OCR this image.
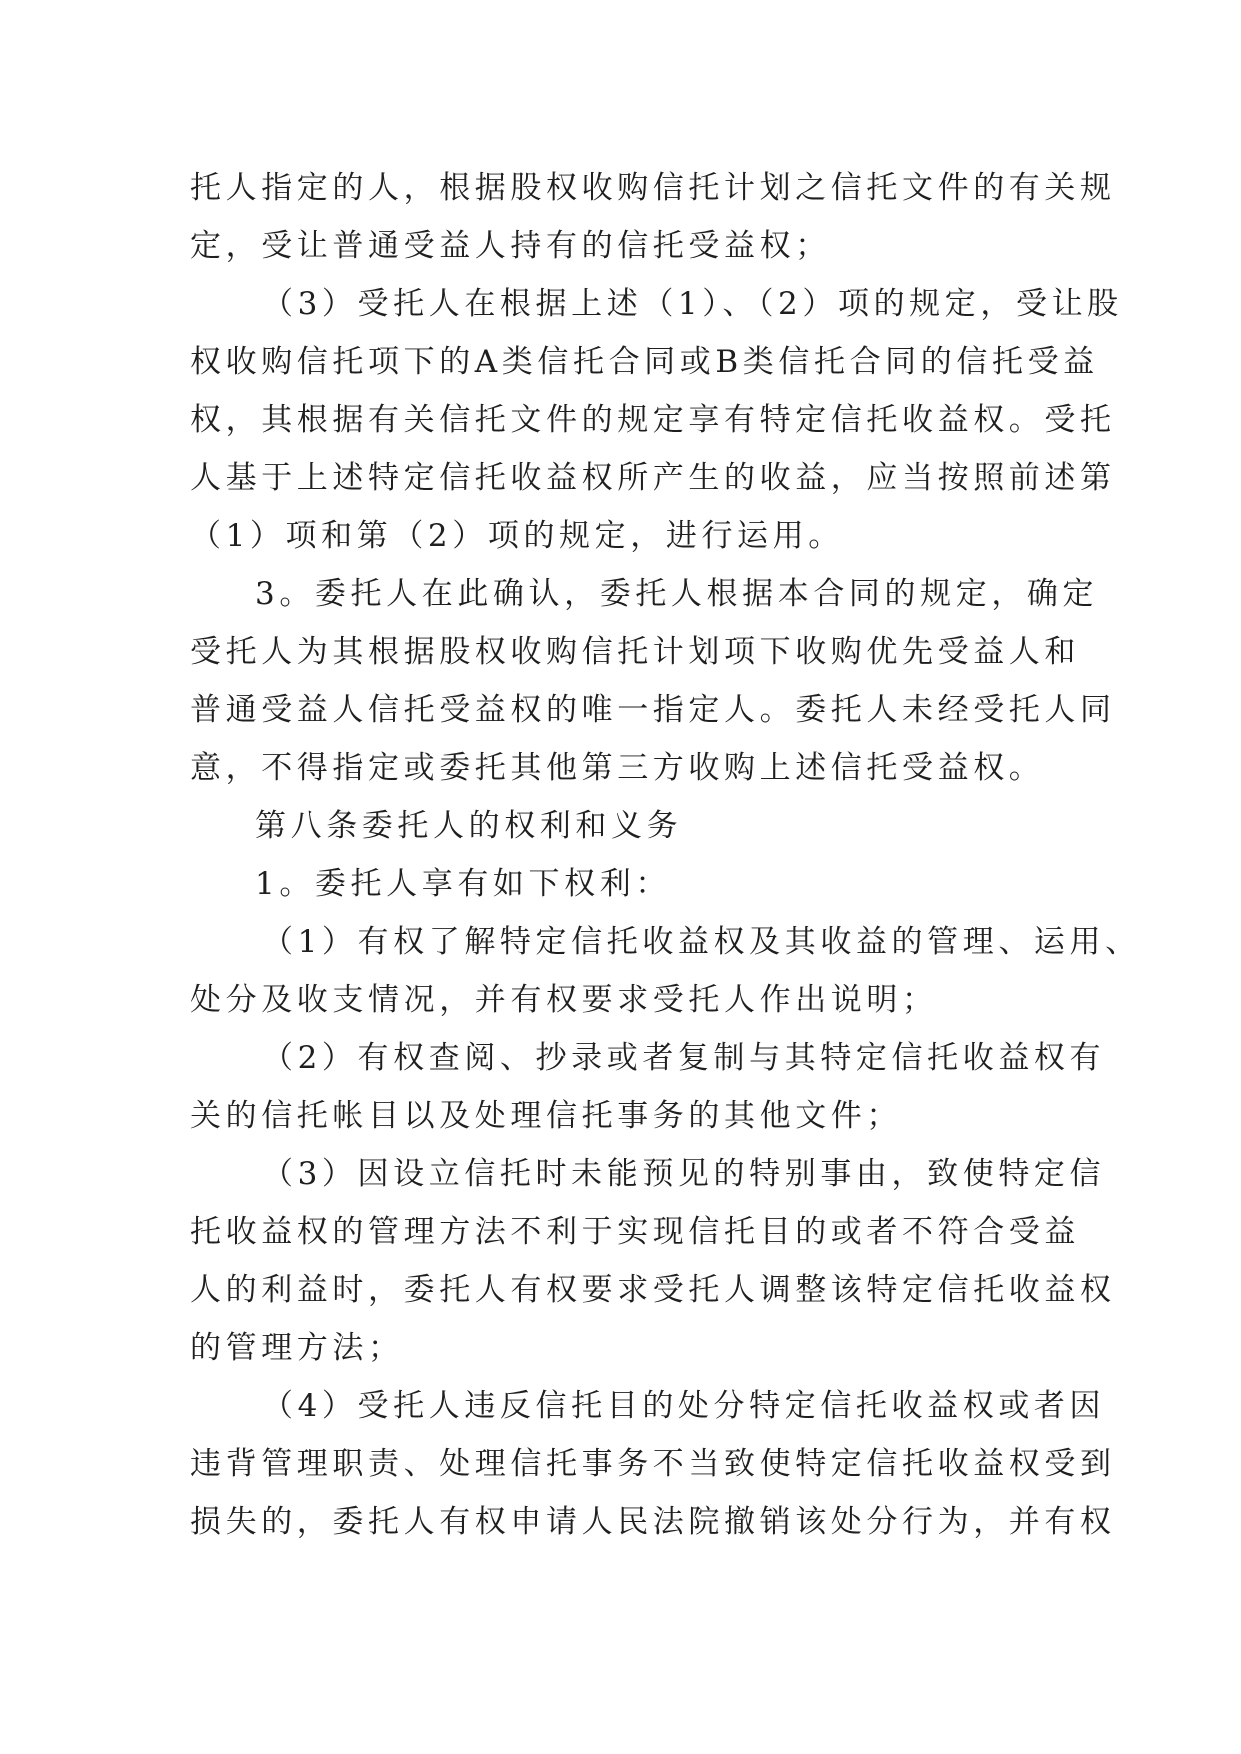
托人指定的人，根据股权收购信托计划之信托文件的有关规
定，受让普通受益人持有的信托受益权；
（3）受托人在根据上述（1）、（2）项的规定，受让股
权收购信托项下的A类信托合同或B类信托合同的信托受益
权，其根据有关信托文件的规定享有特定信托收益权。受托
人基于上述特定信托收益权所产生的收益，应当按照前述第
（1）项和第（2）项的规定，进行运用。
3。委托人在此确认，委托人根据本合同的规定，确定
受托人为其根据股权收购信托计划项下收购优先受益人和
普通受益人信托受益权的唯一指定人。委托人未经受托人同
意，不得指定或委托其他第三方收购上述信托受益权。
第八条委托人的权利和义务
1。委托人享有如下权利：
（1）有权了解特定信托收益权及其收益的管理、运用、
处分及收支情况，并有权要求受托人作出说明；
（2）有权查阅、抄录或者复制与其特定信托收益权有
关的信托帐目以及处理信托事务的其他文件；
（3）因设立信托时未能预见的特别事由，致使特定信
托收益权的管理方法不利于实现信托目的或者不符合受益
人的利益时，委托人有权要求受托人调整该特定信托收益权
的管理方法；
（4）受托人违反信托目的处分特定信托收益权或者因
违背管理职责、处理信托事务不当致使特定信托收益权受到
损失的，委托人有权申请人民法院撤销该处分行为，并有权
